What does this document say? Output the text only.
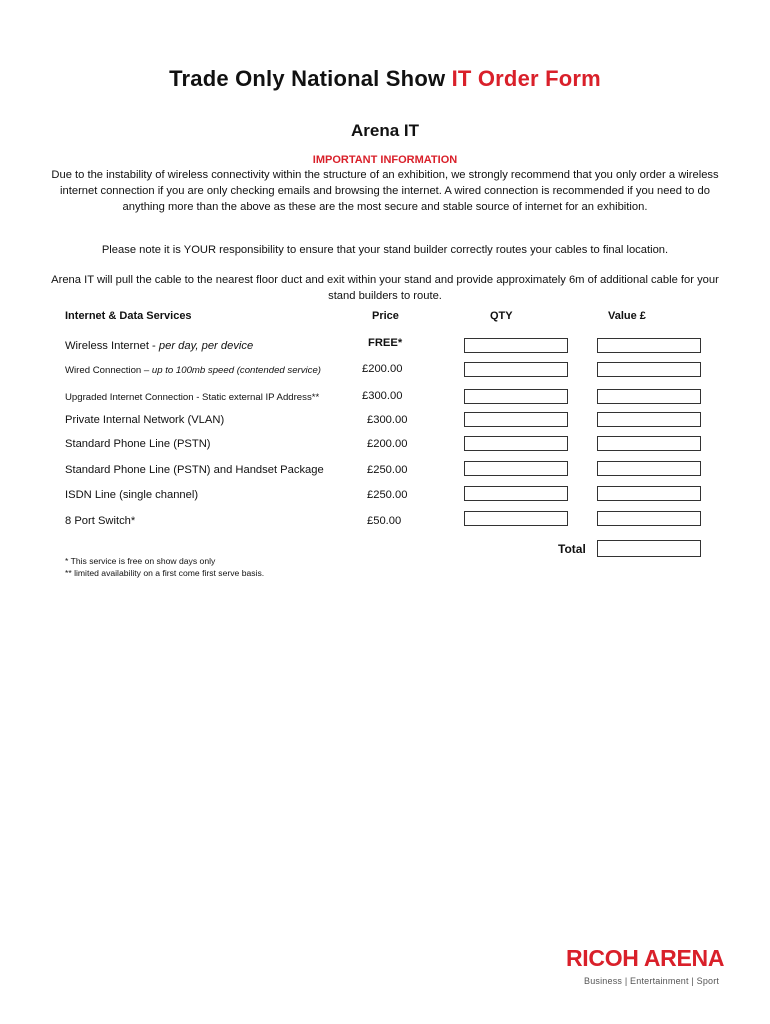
Trade Only National Show IT Order Form
Arena IT
IMPORTANT INFORMATION
Due to the instability of wireless connectivity within the structure of an exhibition, we strongly recommend that you only order a wireless internet connection if you are only checking emails and browsing the internet. A wired connection is recommended if you need to do anything more than the above as these are the most secure and stable source of internet for an exhibition.
Please note it is YOUR responsibility to ensure that your stand builder correctly routes your cables to final location.
Arena IT will pull the cable to the nearest floor duct and exit within your stand and provide approximately 6m of additional cable for your stand builders to route.
Internet & Data Services	Price	QTY	Value £
Wireless Internet - per day, per device	FREE*
Wired Connection – up to 100mb speed (contended service)	£200.00
Upgraded Internet Connection - Static external IP Address**	£300.00
Private Internal Network (VLAN)	£300.00
Standard Phone Line (PSTN)	£200.00
Standard Phone Line (PSTN) and Handset Package	£250.00
ISDN Line (single channel)	£250.00
8 Port Switch*	£50.00
Total
* This service is free on show days only
** limited availability on a first come first serve basis.
RICOH ARENA
Business | Entertainment | Sport
